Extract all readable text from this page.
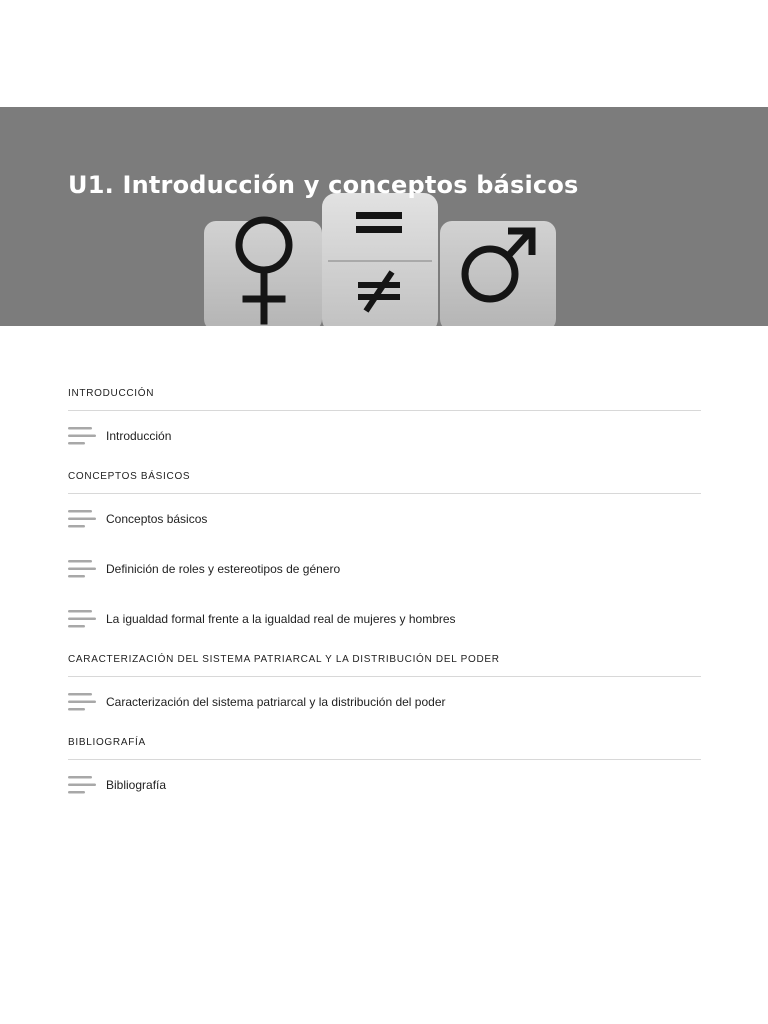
U1. Introducción y conceptos básicos
INTRODUCCIÓN
Introducción
CONCEPTOS BÁSICOS
Conceptos básicos
Definición de roles y estereotipos de género
La igualdad formal frente a la igualdad real de mujeres y hombres
CARACTERIZACIÓN DEL SISTEMA PATRIARCAL Y LA DISTRIBUCIÓN DEL PODER
Caracterización del sistema patriarcal y la distribución del poder
BIBLIOGRAFÍA
Bibliografía
